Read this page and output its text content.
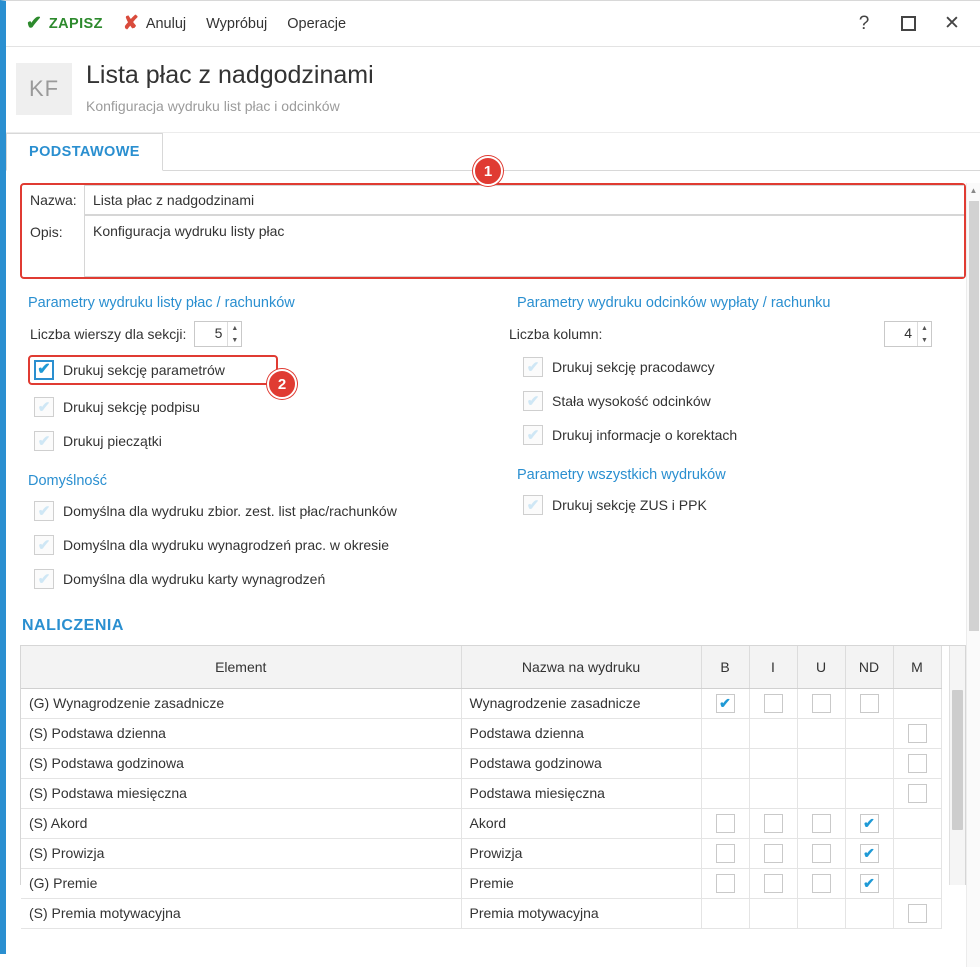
✔ ZAPISZ ✘ Anuluj Wypróbuj Operacje	?	✕
KF	Lista płac z nadgodzinami
Konfiguracja wydruku list płac i odcinków
PODSTAWOWE
Nazwa:
Lista płac z nadgodzinami
Opis:
Konfiguracja wydruku listy płac
Parametry wydruku listy płac / rachunków
Liczba wierszy dla sekcji:	5	▲
▼
✔ Drukuj sekcję parametrów
✔ Drukuj sekcję podpisu
✔ Drukuj pieczątki
Domyślność
✔ Domyślna dla wydruku zbior. zest. list płac/rachunków
✔ Domyślna dla wydruku wynagrodzeń prac. w okresie
✔ Domyślna dla wydruku karty wynagrodzeń
Parametry wydruku odcinków wypłaty / rachunku
Liczba kolumn:	4	▲
▼
✔ Drukuj sekcję pracodawcy
✔ Stała wysokość odcinków
✔ Drukuj informacje o korektach
Parametry wszystkich wydruków
✔ Drukuj sekcję ZUS i PPK
NALICZENIA
Element	Nazwa na wydruku	B	I	U	ND	M
(G) Wynagrodzenie zasadnicze	Wynagrodzenie zasadnicze	✔				

(S) Podstawa dzienna	Podstawa dzienna					
(S) Podstawa godzinowa	Podstawa godzinowa					
(S) Podstawa miesięczna	Podstawa miesięczna					
(S) Akord	Akord				✔	

(S) Prowizja	Prowizja				✔	

(G) Premie	Premie				✔	

(S) Premia motywacyjna	Premia motywacyjna					
▲
1
2
